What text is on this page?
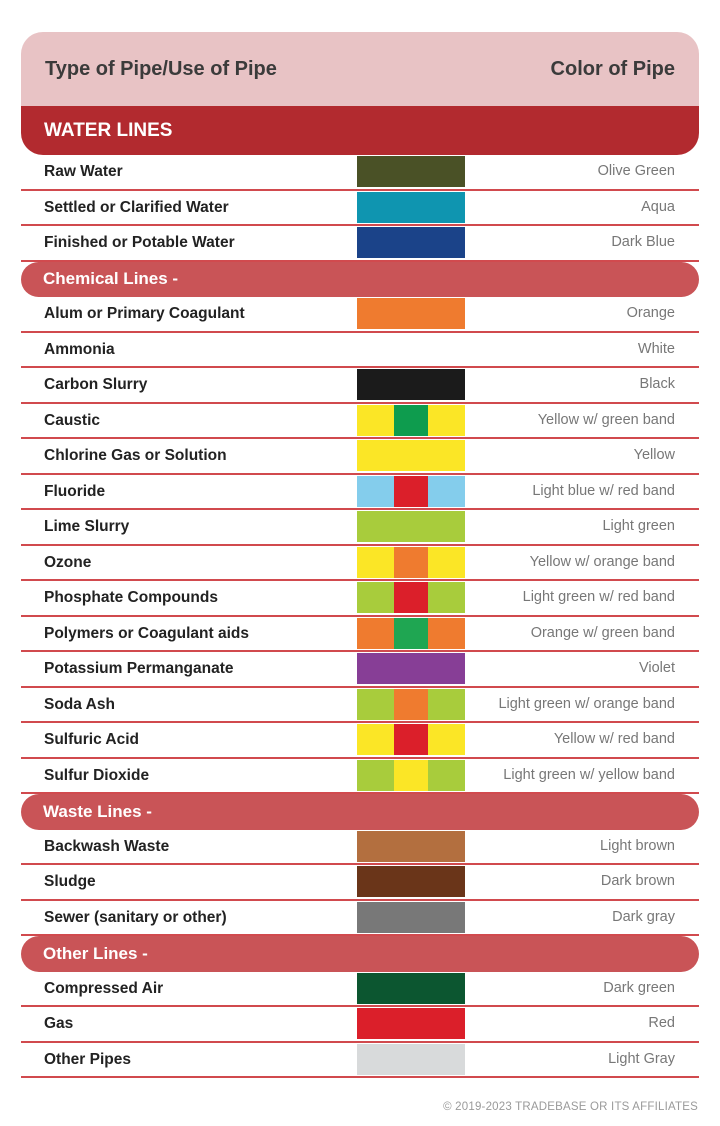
Type of Pipe/Use of Pipe	Color of Pipe
WATER LINES
Raw Water	Olive Green
Settled or Clarified Water	Aqua
Finished or Potable Water	Dark Blue
Chemical Lines -
Alum or Primary Coagulant	Orange
Ammonia	White
Carbon Slurry	Black
Caustic	Yellow w/ green band
Chlorine Gas or Solution	Yellow
Fluoride	Light blue w/ red band
Lime Slurry	Light green
Ozone	Yellow w/ orange band
Phosphate Compounds	Light green w/ red band
Polymers or Coagulant aids	Orange w/ green band
Potassium Permanganate	Violet
Soda Ash	Light green w/ orange band
Sulfuric Acid	Yellow w/ red band
Sulfur Dioxide	Light green w/ yellow band
Waste Lines -
Backwash Waste	Light brown
Sludge	Dark brown
Sewer (sanitary or other)	Dark gray
Other Lines -
Compressed Air	Dark green
Gas	Red
Other Pipes	Light Gray
© 2019-2023 TRADEBASE OR ITS AFFILIATES
